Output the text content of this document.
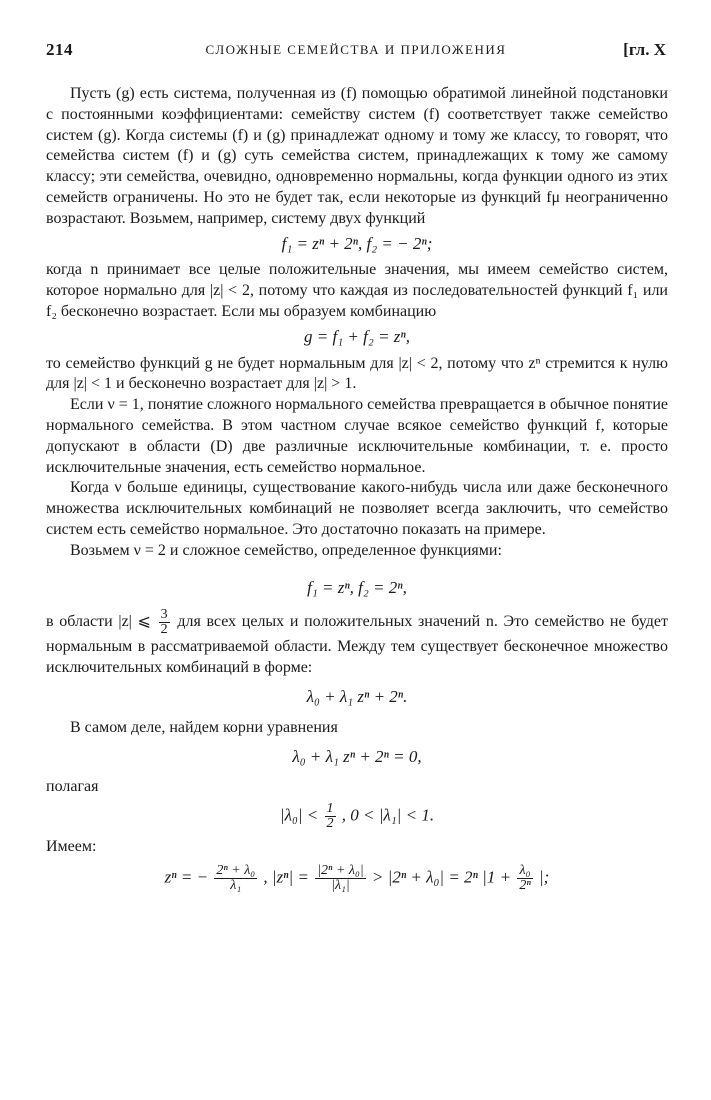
214	СЛОЖНЫЕ СЕМЕЙСТВА И ПРИЛОЖЕНИЯ	[гл. X

Пусть (g) есть система, полученная из (f) помощью обратимой линейной подстановки с постоянными коэффициентами: семейству систем (f) соответствует также семейство систем (g). Когда системы (f) и (g) принадлежат одному и тому же классу, то говорят, что семейства систем (f) и (g) суть семейства систем, принадлежащих к тому же самому классу; эти семейства, очевидно, одновременно нормальны, когда функции одного из этих семейств ограничены. Но это не будет так, если некоторые из функций fμ неограниченно возрастают. Возьмем, например, систему двух функций

f₁ = zⁿ + 2ⁿ, f₂ = − 2ⁿ;

когда n принимает все целые положительные значения, мы имеем семейство систем, которое нормально для |z| < 2, потому что каждая из последовательностей функций f₁ или f₂ бесконечно возрастает. Если мы образуем комбинацию

g = f₁ + f₂ = zⁿ,

то семейство функций g не будет нормальным для |z| < 2, потому что zⁿ стремится к нулю для |z| < 1 и бесконечно возрастает для |z| > 1.

Если ν = 1, понятие сложного нормального семейства превращается в обычное понятие нормального семейства. В этом частном случае всякое семейство функций f, которые допускают в области (D) две различные исключительные комбинации, т. е. просто исключительные значения, есть семейство нормальное.

Когда ν больше единицы, существование какого-нибудь числа или даже бесконечного множества исключительных комбинаций не позволяет всегда заключить, что семейство систем есть семейство нормальное. Это достаточно показать на примере.

Возьмем ν = 2 и сложное семейство, определенное функциями:

f₁ = zⁿ, f₂ = 2ⁿ,

в области |z| ⩽ $\frac{3}{2}$ для всех целых и положительных значений n. Это семейство не будет нормальным в рассматриваемой области. Между тем существует бесконечное множество исключительных комбинаций в форме:

λ₀ + λ₁ zⁿ + 2ⁿ.

В самом деле, найдем корни уравнения

λ₀ + λ₁ zⁿ + 2ⁿ = 0,

полагая

$|\lambda_0| < \frac{1}{2}$ , 0 < |λ₁| < 1.

Имеем:

zⁿ = − $\frac{\text{2ⁿ + λ₀}}{\text{λ₁}}$ , $|z^n| = \frac{\text{|2ⁿ + λ₀|}}{\text{|λ₁|}} > |2^n + \lambda_0| = 2^n$ $|1 + \frac{\text{λ₀}}{\text{2ⁿ}}$ |;
